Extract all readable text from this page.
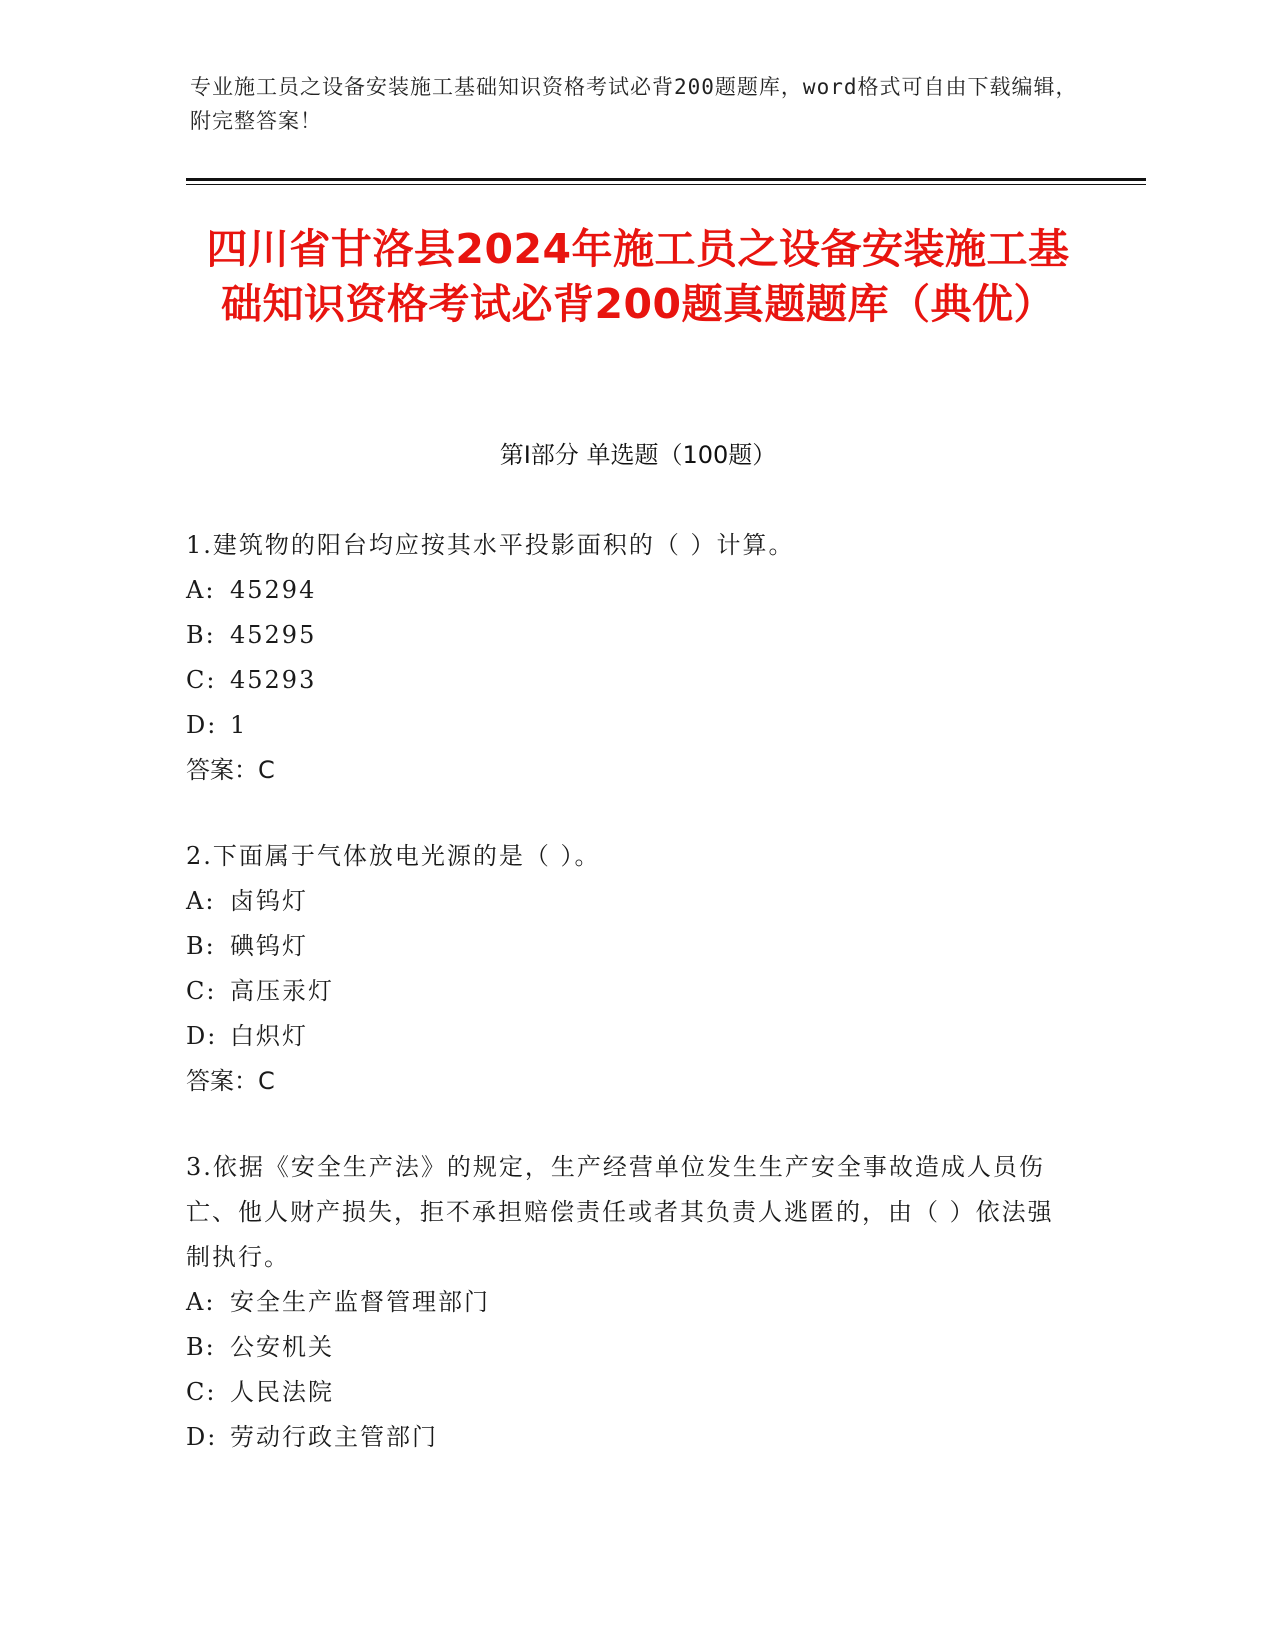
专业施工员之设备安装施工基础知识资格考试必背200题题库，word格式可自由下载编辑，附完整答案！
四川省甘洛县2024年施工员之设备安装施工基础知识资格考试必背200题真题题库（典优）
第Ⅰ部分 单选题（100题）

1.建筑物的阳台均应按其水平投影面积的（ ）计算。

A: 45294

B: 45295

C: 45293

D: 1

答案：C

2.下面属于气体放电光源的是（ ）。

A: 卤钨灯

B: 碘钨灯

C: 高压汞灯

D: 白炽灯

答案：C

3.依据《安全生产法》的规定，生产经营单位发生生产安全事故造成人员伤亡、他人财产损失，拒不承担赔偿责任或者其负责人逃匿的，由（ ）依法强制执行。

A: 安全生产监督管理部门

B: 公安机关

C: 人民法院

D: 劳动行政主管部门
